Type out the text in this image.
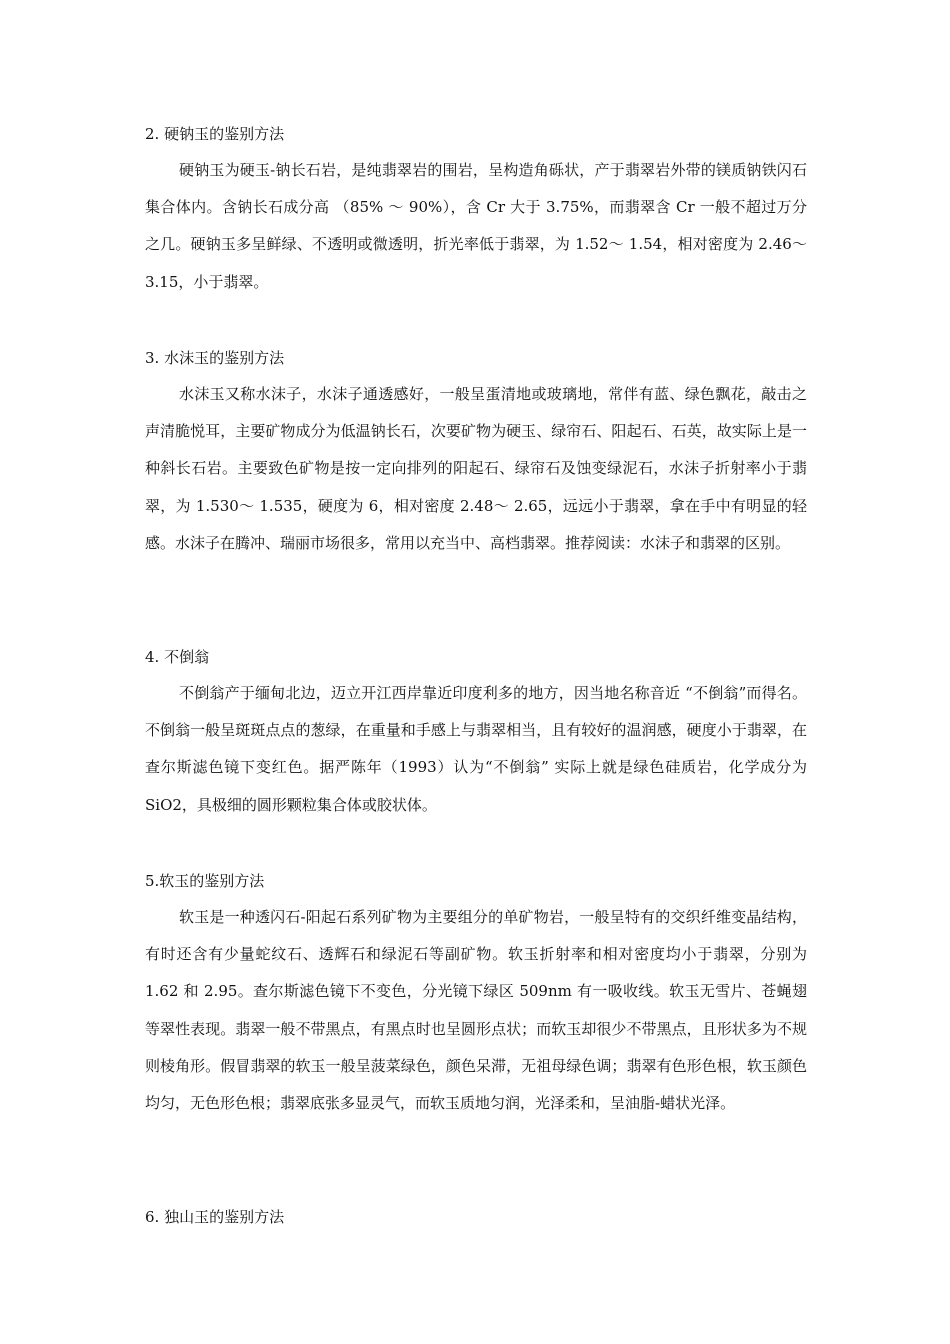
2. 硬钠玉的鉴别方法
硬钠玉为硬玉-钠长石岩，是纯翡翠岩的围岩，呈构造角砾状，产于翡翠岩外带的镁质钠铁闪石集合体内。含钠长石成分高 （85% ～ 90%），含 Cr 大于 3.75%，而翡翠含 Cr 一般不超过万分之几。硬钠玉多呈鲜绿、不透明或微透明，折光率低于翡翠，为 1.52～ 1.54，相对密度为 2.46～ 3.15，小于翡翠。
3. 水沫玉的鉴别方法
水沫玉又称水沫子，水沫子通透感好，一般呈蛋清地或玻璃地，常伴有蓝、绿色飘花，敲击之声清脆悦耳，主要矿物成分为低温钠长石，次要矿物为硬玉、绿帘石、阳起石、石英，故实际上是一种斜长石岩。主要致色矿物是按一定向排列的阳起石、绿帘石及蚀变绿泥石，水沫子折射率小于翡翠，为 1.530～ 1.535，硬度为 6，相对密度 2.48～ 2.65，远远小于翡翠，拿在手中有明显的轻感。水沫子在腾冲、瑞丽市场很多，常用以充当中、高档翡翠。推荐阅读：水沫子和翡翠的区别。
4. 不倒翁
不倒翁产于缅甸北边，迈立开江西岸靠近印度利多的地方，因当地名称音近 “不倒翁”而得名。不倒翁一般呈斑斑点点的葱绿，在重量和手感上与翡翠相当，且有较好的温润感，硬度小于翡翠，在查尔斯滤色镜下变红色。据严陈年（1993）认为“不倒翁” 实际上就是绿色硅质岩，化学成分为 SiO2，具极细的圆形颗粒集合体或胶状体。
5.软玉的鉴别方法
软玉是一种透闪石-阳起石系列矿物为主要组分的单矿物岩，一般呈特有的交织纤维变晶结构，有时还含有少量蛇纹石、透辉石和绿泥石等副矿物。软玉折射率和相对密度均小于翡翠，分别为 1.62 和 2.95。查尔斯滤色镜下不变色，分光镜下绿区 509nm 有一吸收线。软玉无雪片、苍蝇翅等翠性表现。翡翠一般不带黑点，有黑点时也呈圆形点状；而软玉却很少不带黑点，且形状多为不规则棱角形。假冒翡翠的软玉一般呈菠菜绿色，颜色呆滞，无祖母绿色调；翡翠有色形色根，软玉颜色均匀，无色形色根；翡翠底张多显灵气，而软玉质地匀润，光泽柔和，呈油脂-蜡状光泽。
6. 独山玉的鉴别方法
